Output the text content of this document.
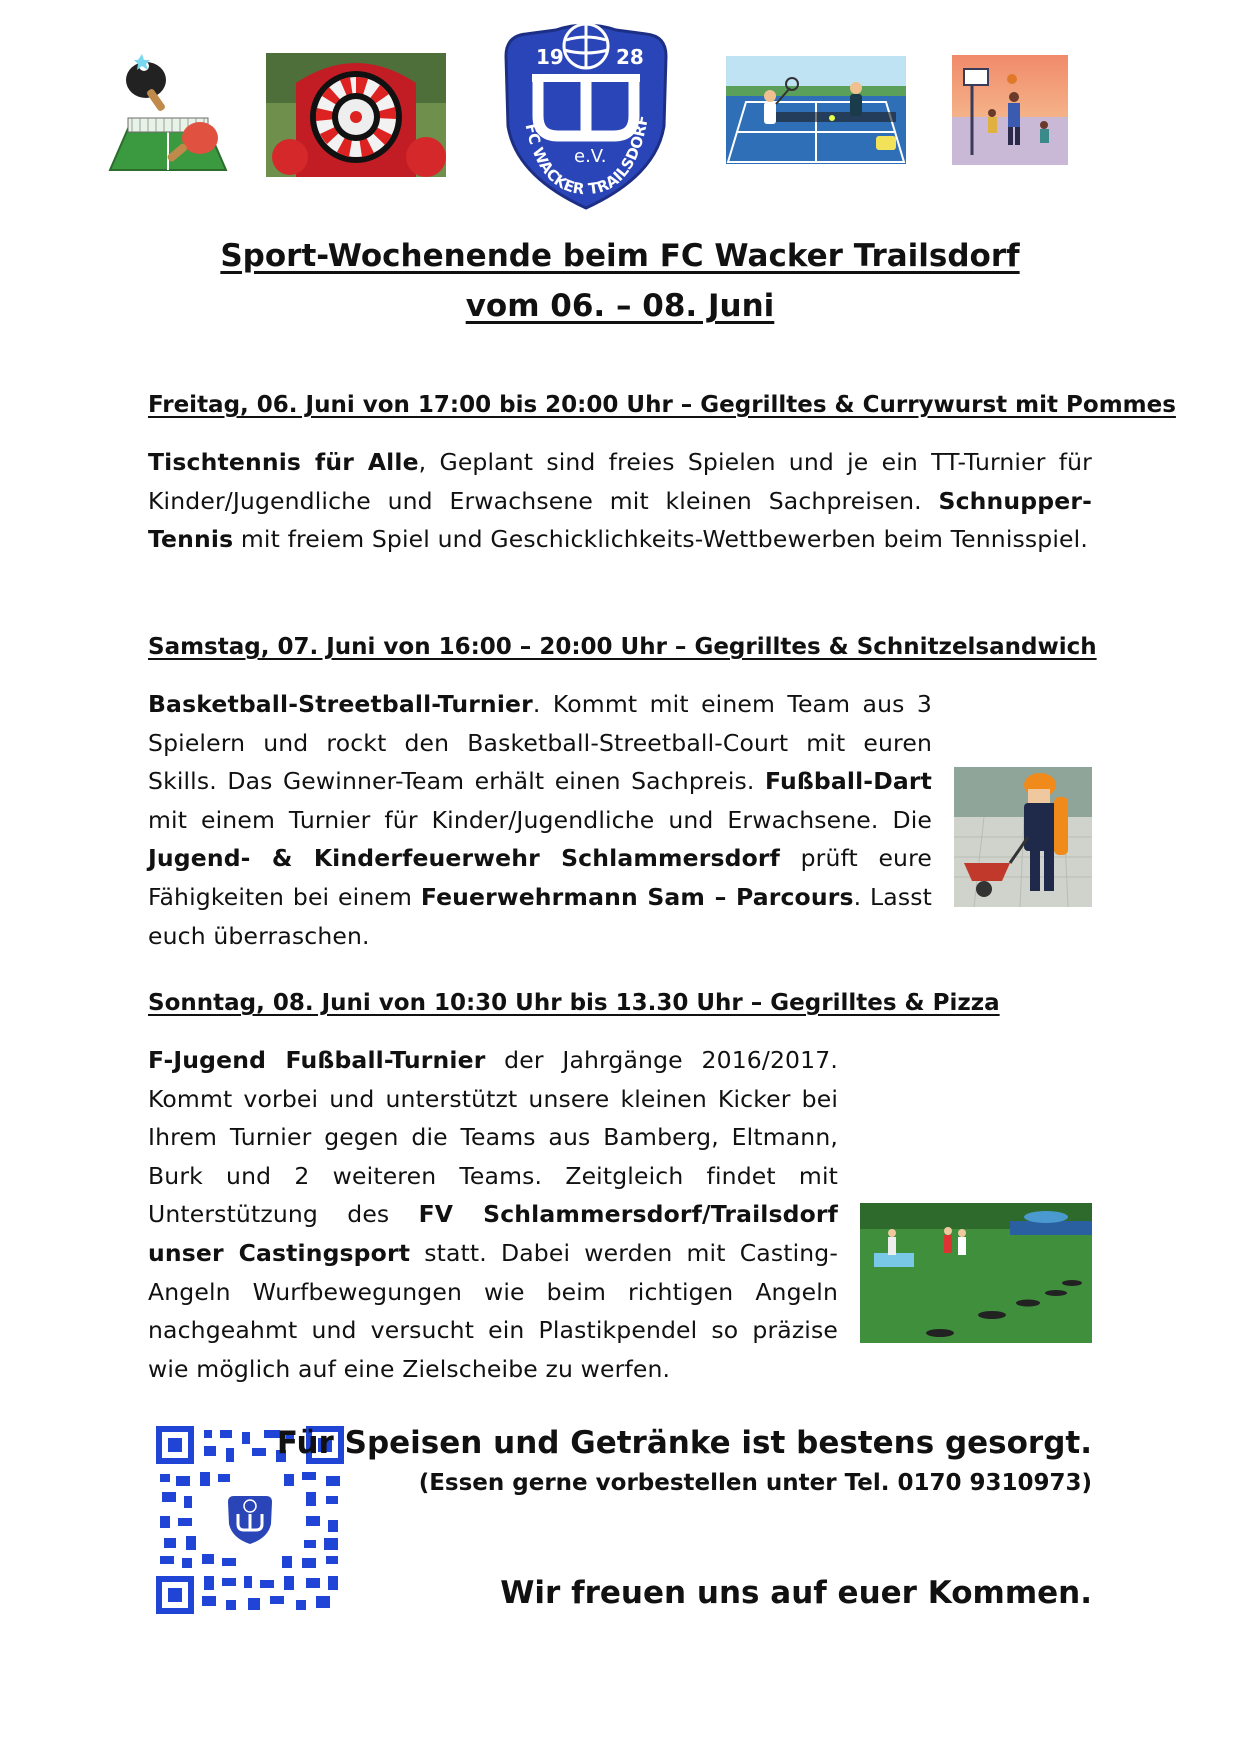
19	28
e.V.
FC WACKER TRAILSDORF
Sport-Wochenende beim FC Wacker Trailsdorf
vom 06. – 08. Juni
Freitag, 06. Juni von 17:00 bis 20:00 Uhr – Gegrilltes & Currywurst mit Pommes
Tischtennis für Alle, Geplant sind freies Spielen und je ein TT-Turnier für Kinder/Jugendliche und Erwachsene mit kleinen Sachpreisen. Schnupper-Tennis mit freiem Spiel und Geschicklichkeits-Wettbewerben beim Tennisspiel.
Samstag, 07. Juni von 16:00 – 20:00 Uhr – Gegrilltes & Schnitzelsandwich
Basketball-Streetball-Turnier. Kommt mit einem Team aus 3 Spielern und rockt den Basketball-Streetball-Court mit euren Skills. Das Gewinner-Team erhält einen Sachpreis. Fußball-Dart mit einem Turnier für Kinder/Jugendliche und Erwachsene. Die Jugend- & Kinderfeuerwehr Schlammersdorf prüft eure Fähigkeiten bei einem Feuerwehrmann Sam – Parcours. Lasst euch überraschen.
Sonntag, 08. Juni von 10:30 Uhr bis 13.30 Uhr – Gegrilltes & Pizza
F-Jugend Fußball-Turnier der Jahrgänge 2016/2017. Kommt vorbei und unterstützt unsere kleinen Kicker bei Ihrem Turnier gegen die Teams aus Bamberg, Eltmann, Burk und 2 weiteren Teams. Zeitgleich findet mit Unterstützung des FV Schlammersdorf/Trailsdorf unser Castingsport statt. Dabei werden mit Casting-Angeln Wurfbewegungen wie beim richtigen Angeln nachgeahmt und versucht ein Plastikpendel so präzise wie möglich auf eine Zielscheibe zu werfen.
Für Speisen und Getränke ist bestens gesorgt.
(Essen gerne vorbestellen unter Tel. 0170 9310973)
Wir freuen uns auf euer Kommen.
